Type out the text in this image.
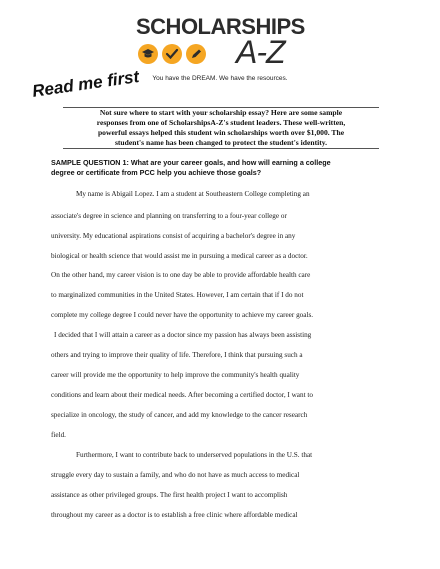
SCHOLARSHIPS
A-Z
You have the DREAM. We have the resources.
Read me first

Not sure where to start with your scholarship essay? Here are some sample

responses from one of ScholarshipsA-Z's student leaders. These well-written,

powerful essays helped this student win scholarships worth over $1,000. The

student's name has been changed to protect the student's identity.

SAMPLE QUESTION 1: What are your career goals, and how will earning a college

degree or certificate from PCC help you achieve those goals?

My name is Abigail Lopez. I am a student at Southeastern College completing an
associate's degree in science and planning on transferring to a four-year college or
university. My educational aspirations consist of acquiring a bachelor's degree in any
biological or health science that would assist me in pursuing a medical career as a doctor.
On the other hand, my career vision is to one day be able to provide affordable health care
to marginalized communities in the United States. However, I am certain that if I do not
complete my college degree I could never have the opportunity to achieve my career goals.
I decided that I will attain a career as a doctor since my passion has always been assisting
others and trying to improve their quality of life. Therefore, I think that pursuing such a
career will provide me the opportunity to help improve the community's health quality
conditions and learn about their medical needs. After becoming a certified doctor, I want to
specialize in oncology, the study of cancer, and add my knowledge to the cancer research
field.
Furthermore, I want to contribute back to underserved populations in the U.S. that
struggle every day to sustain a family, and who do not have as much access to medical
assistance as other privileged groups. The first health project I want to accomplish
throughout my career as a doctor is to establish a free clinic where affordable medical
